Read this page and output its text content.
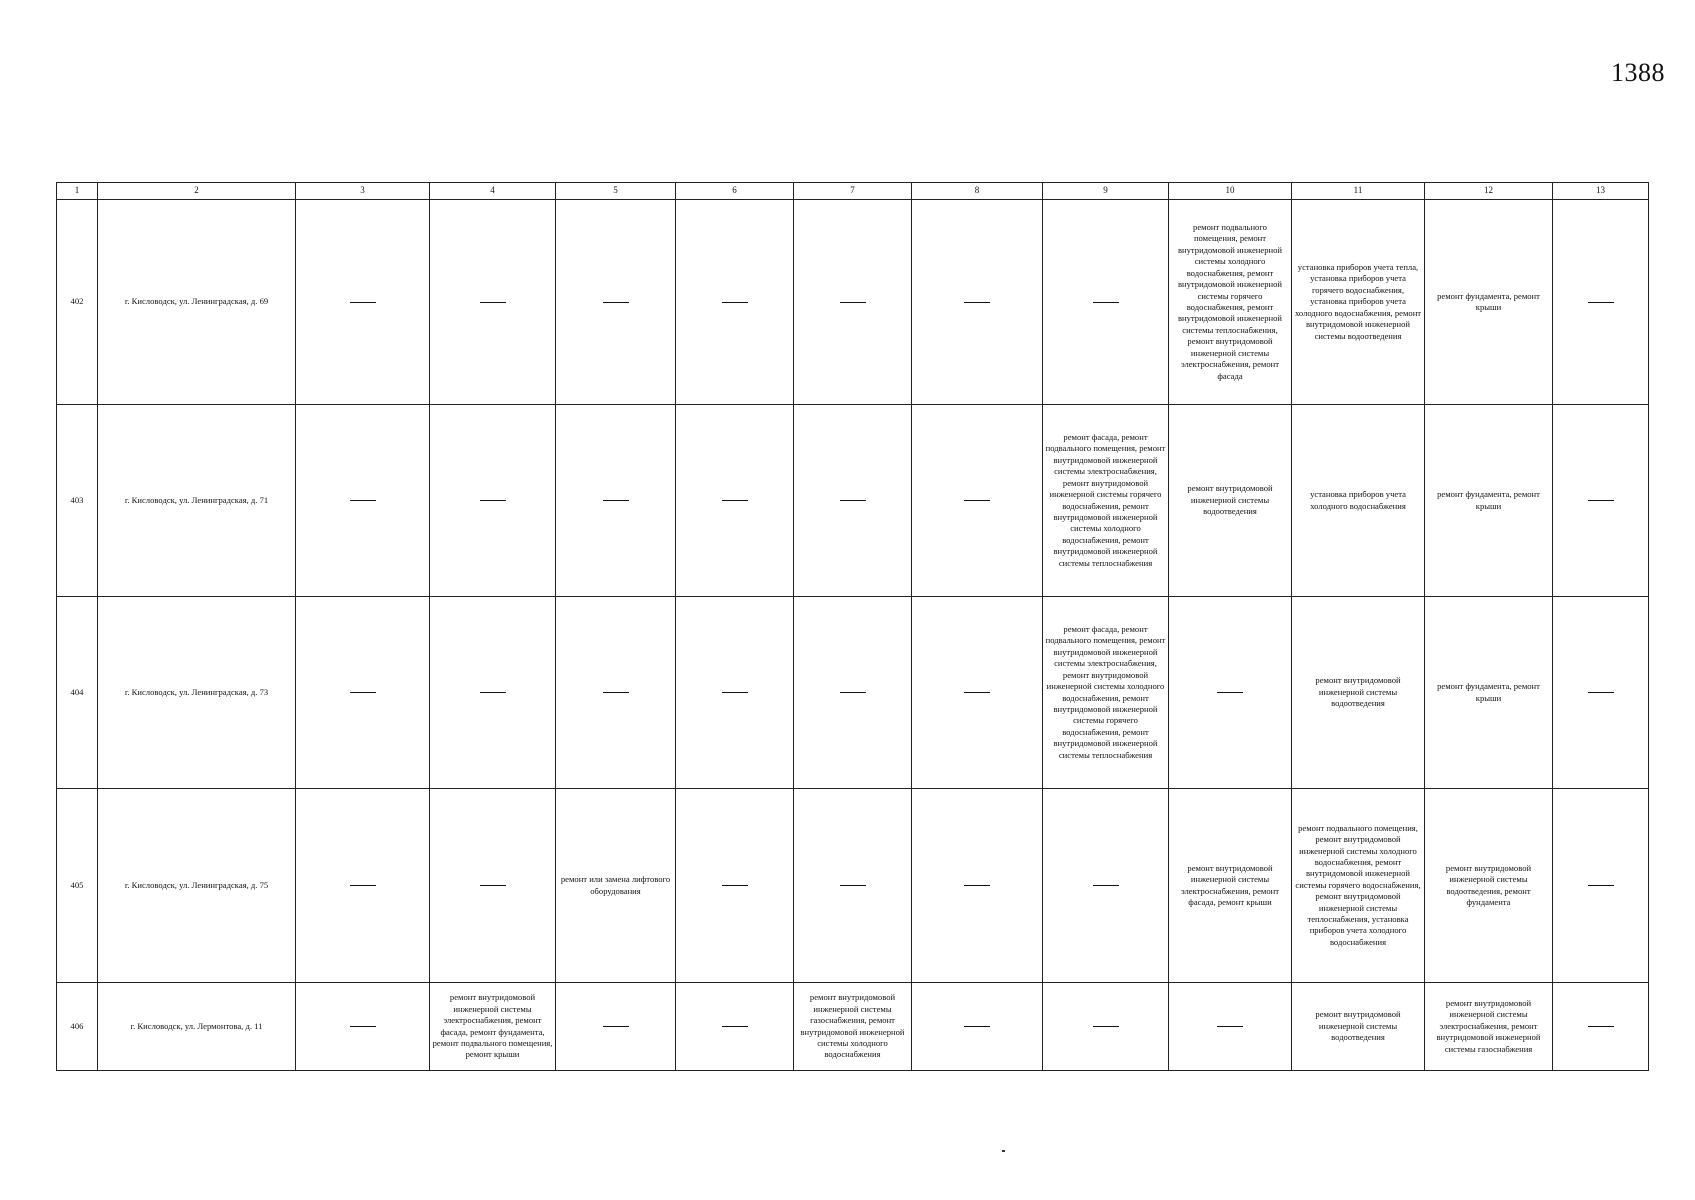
1388
1	2	3	4	5	6	7	8	9	10	11	12	13
402	г. Кисловодск, ул. Ленинградская, д. 69								ремонт подвального помещения, ремонт внутридомовой инженерной системы холодного водоснабжения, ремонт внутридомовой инженерной системы горячего водоснабжения, ремонт внутридомовой инженерной системы теплоснабжения, ремонт внутридомовой инженерной системы электроснабжения, ремонт фасада	установка приборов учета тепла, установка приборов учета горячего водоснабжения, установка приборов учета холодного водоснабжения, ремонт внутридомовой инженерной системы водоотведения	ремонт фундамента, ремонт крыши	
403	г. Кисловодск, ул. Ленинградская, д. 71							ремонт фасада, ремонт подвального помещения, ремонт внутридомовой инженерной системы электроснабжения, ремонт внутридомовой инженерной системы горячего водоснабжения, ремонт внутридомовой инженерной системы холодного водоснабжения, ремонт внутридомовой инженерной системы теплоснабжения	ремонт внутридомовой инженерной системы водоотведения	установка приборов учета холодного водоснабжения	ремонт фундамента, ремонт крыши	
404	г. Кисловодск, ул. Ленинградская, д. 73							ремонт фасада, ремонт подвального помещения, ремонт внутридомовой инженерной системы электроснабжения, ремонт внутридомовой инженерной системы холодного водоснабжения, ремонт внутридомовой инженерной системы горячего водоснабжения, ремонт внутридомовой инженерной системы теплоснабжения		ремонт внутридомовой инженерной системы водоотведения	ремонт фундамента, ремонт крыши	
405	г. Кисловодск, ул. Ленинградская, д. 75			ремонт или замена лифтового оборудования					ремонт внутридомовой инженерной системы электроснабжения, ремонт фасада, ремонт крыши	ремонт подвального помещения, ремонт внутридомовой инженерной системы холодного водоснабжения, ремонт внутридомовой инженерной системы горячего водоснабжения, ремонт внутридомовой инженерной системы теплоснабжения, установка приборов учета холодного водоснабжения	ремонт внутридомовой инженерной системы водоотведения, ремонт фундамента	
406	г. Кисловодск, ул. Лермонтова, д. 11		ремонт внутридомовой инженерной системы электроснабжения, ремонт фасада, ремонт фундамента, ремонт подвального помещения, ремонт крыши			ремонт внутридомовой инженерной системы газоснабжения, ремонт внутридомовой инженерной системы холодного водоснабжения				ремонт внутридомовой инженерной системы водоотведения	ремонт внутридомовой инженерной системы электроснабжения, ремонт внутридомовой инженерной системы газоснабжения	
